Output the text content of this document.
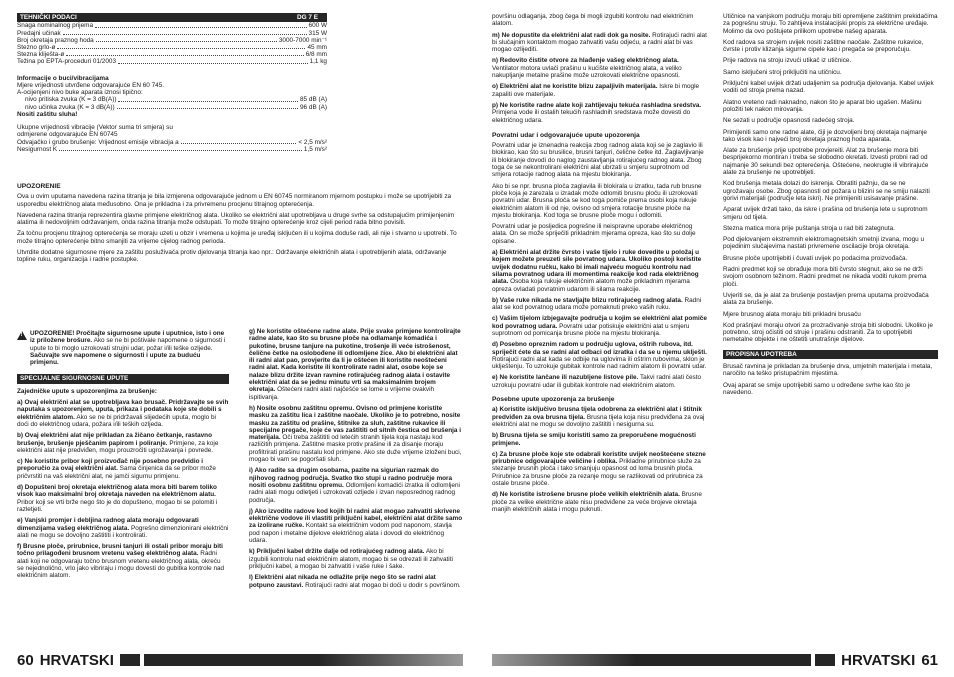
TEHNIČKI PODACI	DG 7 E
Snaga nominalnog prijema	600 W
Predajni učinak	315 W
Broj okretaja praznog hoda	3000-7000 min⁻¹
Stezno grlo-ø	45 mm
Stezna kliješta-ø	6/8 mm
Težina po EPTA-proceduri 01/2003	1,1 kg
Informacije o buci/vibracijama
Mjere vrijednosti utvrđene odgovarajuće EN 60 745.
A-ocijenjeni nivo buke aparata iznosi tipično:
nivo pritiska zvuka (K = 3 dB(A))	85 dB (A)
nivo učinka zvuka (K = 3 dB(A))	96 dB (A)
Nositi zaštitu sluha!
Ukupne vrijednosti vibracije (Vektor suma tri smjera) su
odmjerene odgovarajuće EN 60745
Odvajačko i grubo brušenje: Vrijednost emisije vibracija a	< 2,5 m/s²
Nesigurnost K	1,5 m/s²
UPOZORENIE

Ova u ovim uputama navedena razina titranja je bila izmjerena odgovarajuće jednom u EN 60745 normiranom mjernom postupku i može se upotrijebiti za usporedbu električnog alata međusobno. Ona je prikladna i za privremenu procjenu titrajnog opterećenja.

Navedena razina titranja reprezentira glavne primjene električnog alata. Ukoliko se električni alat upotrebljava u druge svrhe sa odstupajućim primijenjenim alatima ili nedovoljnim održavanjem, onda razina titranja može odstupati. To može titrajno opterećenje kroz cijeli period rada bitno povisiti.

Za točnu procjenu titrajnog opterećenja se moraju uzeti u obzir i vremena u kojima je uređaj isključen ili u kojima doduše radi, ali nije i stvarno u upotrebi. To može titrajno opterećenje bitno smanjiti za vrijeme cijelog radnog perioda.

Utvrdite dodatne sigurnosne mjere za zaštitu posluživača protiv djelovanja titranja kao npr.: Održavanje električnih alata i upotrebljenih alata, održavanje topline ruku, organizacija i radne postupke.

!
UPOZORENIE! Pročitajte sigurnosne upute i uputnice, isto i one iz priložene brošure. Ako se ne bi poštivale napomene o sigurnosti i upute to bi moglo uzrokovati strujni udar, požar i/ili teške ozljede.
Sačuvajte sve napomene o sigurnosti i upute za buduću primjenu.
SPECIJALNE SIGURNOSNE UPUTE

Zajedničke upute s upozorenjima za brušenje:

a) Ovaj električni alat se upotrebljava kao brusač. Pridržavajte se svih naputaka s upozorenjem, uputa, prikaza i podataka koje ste dobili s električnim alatom. Ako se ne bi pridržavali slijedećih uputa, moglo bi doći do električnog udara, požara i/ili teških ozljeda.

b) Ovaj električni alat nije prikladan za žičano četkanje, rastavno brušenje, brušenje pješčanim papirom i poliranje. Primjene, za koje električni alat nije predviđen, mogu prouzročiti ugrožavanja i povrede.

c) Ne koristite pribor koji proizvođač nije posebno predvidio i preporučio za ovaj električni alat. Sama činjenica da se pribor može pričvrstiti na vaš električni alat, ne jamči sigurnu primjenu.

d) Dopušteni broj okretaja električnog alata mora biti barem toliko visok kao maksimalni broj okretaja naveden na električnom alatu. Pribor koji se vrti brže nego što je do dopušteno, mogao bi se polomiti i razletjeti.

e) Vanjski promjer i debljina radnog alata moraju odgovarati dimenzijama vašeg električnog alata. Pogrešno dimenzionirani električni alati ne mogu se dovoljno zaštititi i kontrolirati.

f) Brusne ploče, prirubnice, brusni tanjuri ili ostali pribor moraju biti točno prilagođeni brusnom vretenu vašeg električnog alata. Radni alati koji ne odgovaraju točno brusnom vretenu električnog alata, okreću se nejednolično, vrlo jako vibriraju i mogu dovesti do gubitka kontrole nad električnim alatom.

g) Ne koristite oštećene radne alate. Prije svake primjene kontrolirajte radne alate, kao što su brusne ploče na odlamanje komadića i pukotine, brusne tanjure na pukotine, trošenje ili veće istrošenost, čelične četke na oslobođene ili odlomljene žice. Ako bi električni alat ili radni alat pao, provjerite da li je oštećen ili koristite neoštećeni radni alat. Kada koristite ili kontrolirate radni alat, osobe koje se nalaze blizu držite izvan ravnine rotirajućeg radnog alata i ostavite električni alat da se jednu minutu vrti sa maksimalnim brojem okretaja. Oštećeni radni alati najčešće se lome u vrijeme ovakvih ispitivanja.

h) Nosite osobnu zaštitnu opremu. Ovisno od primjene koristite masku za zaštitu lica i zaštitne naočale. Ukoliko je to potrebno, nosite masku za zaštitu od prašine, štitnike za sluh, zaštitne rukavice ili specijalne pregače, koje će vas zaštititi od sitnih čestica od brušenja i materijala. Oči treba zaštititi od letećih stranih tijela koja nastaju kod različitih primjena. Zaštitne maske protiv prašine ili za disanje moraju profiltrirati prašinu nastalu kod primjene. Ako ste duže vrijeme izloženi buci, mogao bi vam se pogoršati sluh.

i) Ako radite sa drugim osobama, pazite na sigurian razmak do njihovog radnog područja. Svatko tko stupi u radno područje mora nositi osobnu zaštitnu opremu. Odlomljeni komadići izratka ili odlomljeni radni alati mogu odletjeti i uzrokovati ozljede i izvan neposrednog radnog područja.

j) Ako izvodite radove kod kojih bi radni alat mogao zahvatiti skrivene električne vodove ili vlastiti priključni kabel, električni alat držite samo za izolirane ručke. Kontakt sa električnim vodom pod naponom, stavlja pod napon i metalne dijelove električnog alata i dovodi do električnog udara.

k) Priključni kabel držite dalje od rotirajućeg radnog alata. Ako bi izgubili kontrolu nad električnim alatom, mogao bi se odrezati ili zahvatiti priključni kabel, a mogao bi zahvatiti i vaše ruke i šake.

l) Električni alat nikada ne odlažite prije nego što se radni alat potpuno zaustavi. Rotirajući radni alat mogao bi doći u dodir s površinom.

60 HRVATSKI

površinu odlaganja, zbog čega bi mogli izgubiti kontrolu nad električnim alatom.

m) Ne dopustite da električni alat radi dok ga nosite. Rotirajući radni alat bi slučajnim kontaktom mogao zahvatiti vašu odjeću, a radni alat bi vas mogao ozlijediti.

n) Redovito čistite otvore za hlađenje vašeg električnog alata. Ventilator motora uvlači prašinu u kućište električnog alata, a veliko nakupljanje metalne prašine može uzrokovati električne opasnosti.

o) Električni alat ne koristite blizu zapaljivih materijala. Iskre bi mogle zapaliti ove materijale.

p) Ne koristite radne alate koji zahtijevaju tekuća rashladna sredstva. Primjena vode ili ostalih tekućih rashladnih sredstava može dovesti do električnog udara.

Povratni udar i odgovarajuće upute upozorenja

Povratni udar je iznenadna reakcija zbog radnog alata koji se je zaglavio ili blokirao, kao što su brusilice, brusni tanjuri, čelične četke itd. Zaglavljivanje ili blokiranje dovodi do naglog zaustavljanja rotirajućeg radnog alata. Zbog toga će se nekontrolirani električni alat ubrzati u smjeru suprotnom od smjera rotacije radnog alata na mjestu blokiranja.

Ako bi se npr. brusna ploča zaglavila ili blokirala u izratku, tada rub brusne ploče koja je zarezala u izradak može odlomiti brusnu ploču ili uzrokovati povratni udar. Brusna ploča se kod toga pomiče prema osobi koja rukuje električnim alatom ili od nje, ovisno od smjera rotacije brusne ploče na mjestu blokiranja. Kod toga se brusne ploče mogu i odlomiti.

Povratni udar je posljedica pogrešne ili neispravne uporabe električnog alata. On se može spriječiti prikladnim mjerama opreza, kao što su dolje opisane.

a) Električni alat držite čvrsto i vaše tijelo i ruke dovedite u položaj u kojem možete preuzeti sile povratnog udara. Ukoliko postoji koristite uvijek dodatnu ručku, kako bi imali najveću moguću kontrolu nad silama povratnog udara ili momentima reakcije kod rada električnog alata. Osoba koja rukuje električnim alatom može prikladnim mjerama opreza ovladati povratnim udarom ili silama reakcije.

b) Vaše ruke nikada ne stavljajte blizu rotirajućeg radnog alata. Radni alat se kod povratnog udara može pomaknuti preko vaših ruku.

c) Vašim tijelom izbjegavajte područja u kojim se električni alat pomiče kod povratnog udara. Povratni udar potiskuje električni alat u smjeru suprotnom od pomicanja brusne ploče na mjestu blokiranja.

d) Posebno oprezním radom u području uglova, oštrih rubova, itd. spriječit ćete da se radni alat odbaci od izratka i da se u njemu uklješti. Rotirajući radni alat kada se odbije na uglovima ili oštrim rubovima, sklon je uklještenju. To uzrokuje gubitak kontrole nad radnim alatom ili povratni udar.

e) Ne koristite lančane ili nazubljene listove pile. Takvi radni alati često uzrokuju povratni udar ili gubitak kontrole nad električnim alatom.

Posebne upute upozorenja za brušenje

a) Koristite isključivo brusna tijela odobrena za električni alat i štitnik predviđen za ova brusna tijela. Brusna tijela koja nisu predviđena za ovaj električni alat ne mogu se dovoljno zaštititi i nesigurna su.

b) Brusna tijela se smiju koristiti samo za preporučene mogućnosti primjene.

c) Za brusne ploče koje ste odabrali koristite uvijek neoštećene stezne prirubnice odgovarajuće veličine i oblika. Prikladne prirubnice služe za stezanje brusnih ploča i tako smanjuju opasnost od loma brusnih ploča. Prirubnice za brusne ploče za rezanje mogu se razlikovati od prirubnica za ostale brusne ploče.

d) Ne koristite istrošene brusne ploče velikih električnih alata. Brusne ploče za velike električne alate nisu predviđene za veće brojeve okretaja manjih električnih alata i mogu puknuti.

Utičnice na vanjskom području moraju biti opremljene zaštitnim prekidačima za pogrešnu struju. To zahtijeva instalacijski propis za električne uređaje. Molimo da ovo poštujete prilikom upotrebe našeg aparata.

Kod radova sa strojem uvijek nositi zaštitne naočale. Zaštitne rukavice, čvrste i protiv klizanja sigurne cipele kao i pregača se preporučuju.

Prije radova na stroju izvući utikač iz utičnice.

Samo isključeni stroj priključiti na utičnicu.

Priključni kabel uvijek držati udaljenim sa područja djelovanja. Kabel uvijek voditi od stroja prema nazad.

Alatno vreteno radi naknadno, nakon što je aparat bio ugašen. Mašinu položiti tek nakon mirovanja.

Ne sezati u područje opasnosti radećeg stroja.

Primijeniti samo one radne alate, čiji je dozvoljeni broj okretaja najmanje tako visok kao i najveći broj okretaja praznog hoda aparata.

Alate za brušenje prije upotrebe provjereiti. Alat za brušenje mora biti besprijekorno montiran i treba se slobodno okretati. Izvesti probni rad od najmanje 30 sekundi bez opterećenja. Oštećene, neokrugle ili vibrirajuće alate za brušenje ne upotrebljeti.

Kod brušenja metala dolazi do iskrenja. Obratiti pažnju, da se ne ugrožavaju osobe. Zbog opasnosti od požara u blizini se ne smiju nalaziti gorivi materijali (područje leta iskri). Ne primijeniti usisavanje prašine.

Aparat uvijek držati tako, da iskre i prašina od brušenja lete u suprotnom smjeru od tijela.

Stezna matica mora prije puštanja stroja u rad biti zategnuta.

Pod djelovanjem ekstremnih elektromagnetskih smetnji izvana, mogu u pojedinim slučajevima nastati privremene oscilacije broja okretaja.

Brusne ploče upotrijebiti i čuvati uvijek po podacima proizvođača.

Radni predmet koji se obrađuje mora biti čvrsto stegnut, ako se ne drži svojom osobnom težinom. Radni predmet ne nikada voditi rukom prema ploči.

Uvjeriti se, da je alat za brušenje postavljen prema uputama proizvođača alata za brušenje.

Mjere brusnog alata moraju biti prikladni brusaču

Kod prašnjavi moraju otvori za prozračivanje stroja biti slobodni. Ukoliko je potrebno, stroj očistiti od struje i prašinu odstraniti. Za to upotrijebiti nemetalne objekte i ne oštetiti unutrašnje dijelove.

PROPISNA UPOTREBA

Brusač ravnina je prikladan za brušenje drva, umjetnih materijala i metala, naročito na teško pristupačnim mjestima.

Ovaj aparat se smije upotrijebiti samo u određene svrhe kao što je navedeno.

HRVATSKI 61
